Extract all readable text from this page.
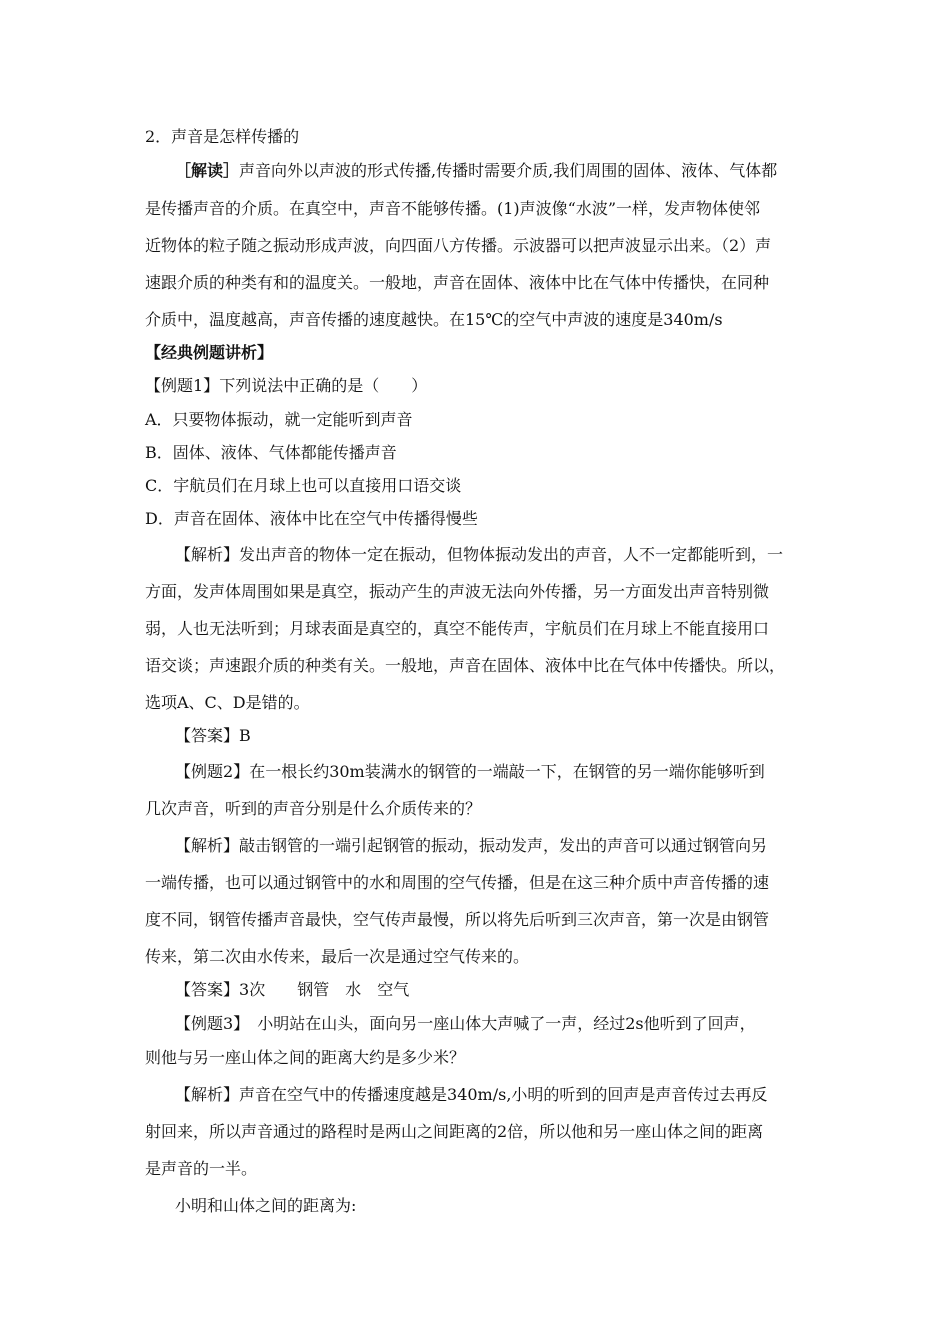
2．声音是怎样传播的
［解读］声音向外以声波的形式传播,传播时需要介质,我们周围的固体、液体、气体都
是传播声音的介质。在真空中，声音不能够传播。(1)声波像“水波”一样，发声物体使邻
近物体的粒子随之振动形成声波，向四面八方传播。示波器可以把声波显示出来。（2）声
速跟介质的种类有和的温度关。一般地，声音在固体、液体中比在气体中传播快，在同种
介质中，温度越高，声音传播的速度越快。在15℃的空气中声波的速度是340m/s
【经典例题讲析】
【例题1】下列说法中正确的是（　　）
A．只要物体振动，就一定能听到声音
B．固体、液体、气体都能传播声音
C．宇航员们在月球上也可以直接用口语交谈
D．声音在固体、液体中比在空气中传播得慢些
【解析】发出声音的物体一定在振动，但物体振动发出的声音，人不一定都能听到，一
方面，发声体周围如果是真空，振动产生的声波无法向外传播，另一方面发出声音特别微
弱，人也无法听到；月球表面是真空的，真空不能传声，宇航员们在月球上不能直接用口
语交谈；声速跟介质的种类有关。一般地，声音在固体、液体中比在气体中传播快。所以，
选项A、C、D是错的。
【答案】B
【例题2】在一根长约30m装满水的钢管的一端敲一下，在钢管的另一端你能够听到
几次声音，听到的声音分别是什么介质传来的？
【解析】敲击钢管的一端引起钢管的振动，振动发声，发出的声音可以通过钢管向另
一端传播，也可以通过钢管中的水和周围的空气传播，但是在这三种介质中声音传播的速
度不同，钢管传播声音最快，空气传声最慢，所以将先后听到三次声音，第一次是由钢管
传来，第二次由水传来，最后一次是通过空气传来的。
【答案】3次　　钢管　水　空气
【例题3】　小明站在山头，面向另一座山体大声喊了一声，经过2s他听到了回声，
则他与另一座山体之间的距离大约是多少米？
【解析】声音在空气中的传播速度越是340m/s,小明的听到的回声是声音传过去再反
射回来，所以声音通过的路程时是两山之间距离的2倍，所以他和另一座山体之间的距离
是声音的一半。
小明和山体之间的距离为:
